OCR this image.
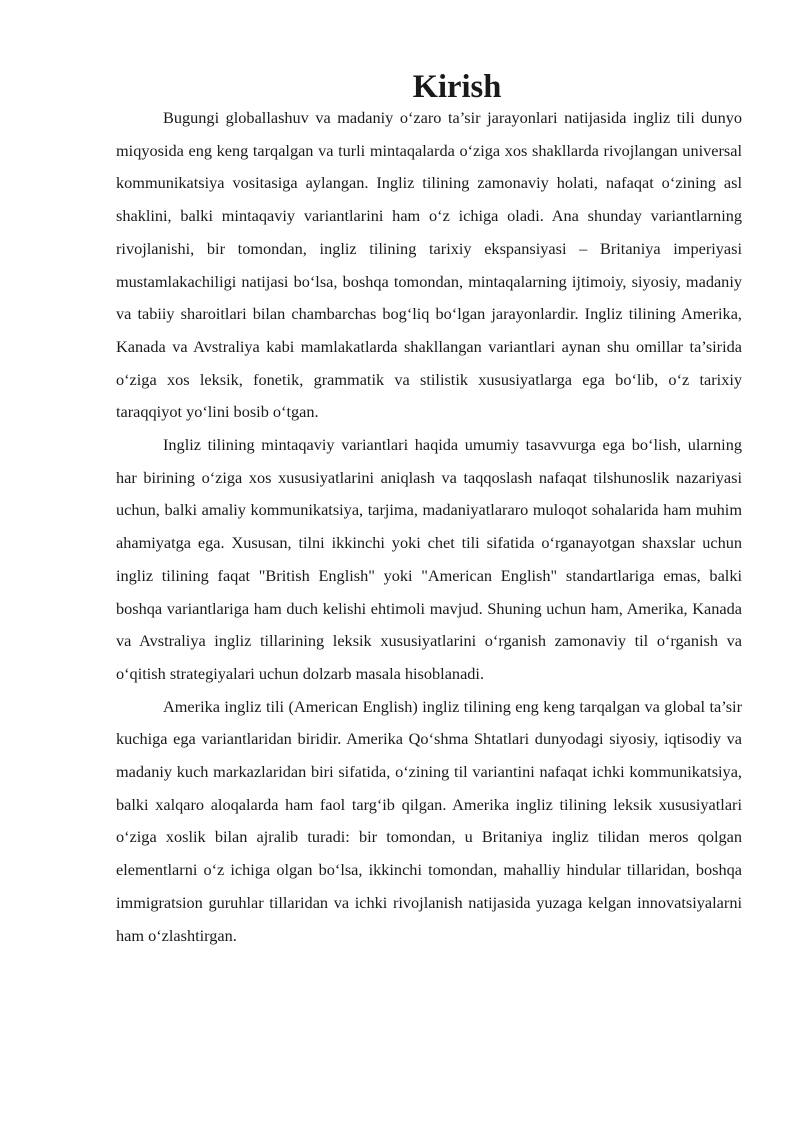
Kirish

Bugungi globallashuv va madaniy o‘zaro ta’sir jarayonlari natijasida ingliz tili dunyo miqyosida eng keng tarqalgan va turli mintaqalarda o‘ziga xos shakllarda rivojlangan universal kommunikatsiya vositasiga aylangan. Ingliz tilining zamonaviy holati, nafaqat o‘zining asl shaklini, balki mintaqaviy variantlarini ham o‘z ichiga oladi. Ana shunday variantlarning rivojlanishi, bir tomondan, ingliz tilining tarixiy ekspansiyasi – Britaniya imperiyasi mustamlakachiligi natijasi bo‘lsa, boshqa tomondan, mintaqalarning ijtimoiy, siyosiy, madaniy va tabiiy sharoitlari bilan chambarchas bog‘liq bo‘lgan jarayonlardir. Ingliz tilining Amerika, Kanada va Avstraliya kabi mamlakatlarda shakllangan variantlari aynan shu omillar ta’sirida o‘ziga xos leksik, fonetik, grammatik va stilistik xususiyatlarga ega bo‘lib, o‘z tarixiy taraqqiyot yo‘lini bosib o‘tgan.

Ingliz tilining mintaqaviy variantlari haqida umumiy tasavvurga ega bo‘lish, ularning har birining o‘ziga xos xususiyatlarini aniqlash va taqqoslash nafaqat tilshunoslik nazariyasi uchun, balki amaliy kommunikatsiya, tarjima, madaniyatlararo muloqot sohalarida ham muhim ahamiyatga ega. Xususan, tilni ikkinchi yoki chet tili sifatida o‘rganayotgan shaxslar uchun ingliz tilining faqat "British English" yoki "American English" standartlariga emas, balki boshqa variantlariga ham duch kelishi ehtimoli mavjud. Shuning uchun ham, Amerika, Kanada va Avstraliya ingliz tillarining leksik xususiyatlarini o‘rganish zamonaviy til o‘rganish va o‘qitish strategiyalari uchun dolzarb masala hisoblanadi.

Amerika ingliz tili (American English) ingliz tilining eng keng tarqalgan va global ta’sir kuchiga ega variantlaridan biridir. Amerika Qo‘shma Shtatlari dunyodagi siyosiy, iqtisodiy va madaniy kuch markazlaridan biri sifatida, o‘zining til variantini nafaqat ichki kommunikatsiya, balki xalqaro aloqalarda ham faol targ‘ib qilgan. Amerika ingliz tilining leksik xususiyatlari o‘ziga xoslik bilan ajralib turadi: bir tomondan, u Britaniya ingliz tilidan meros qolgan elementlarni o‘z ichiga olgan bo‘lsa, ikkinchi tomondan, mahalliy hindular tillaridan, boshqa immigratsion guruhlar tillaridan va ichki rivojlanish natijasida yuzaga kelgan innovatsiyalarni ham o‘zlashtirgan.
